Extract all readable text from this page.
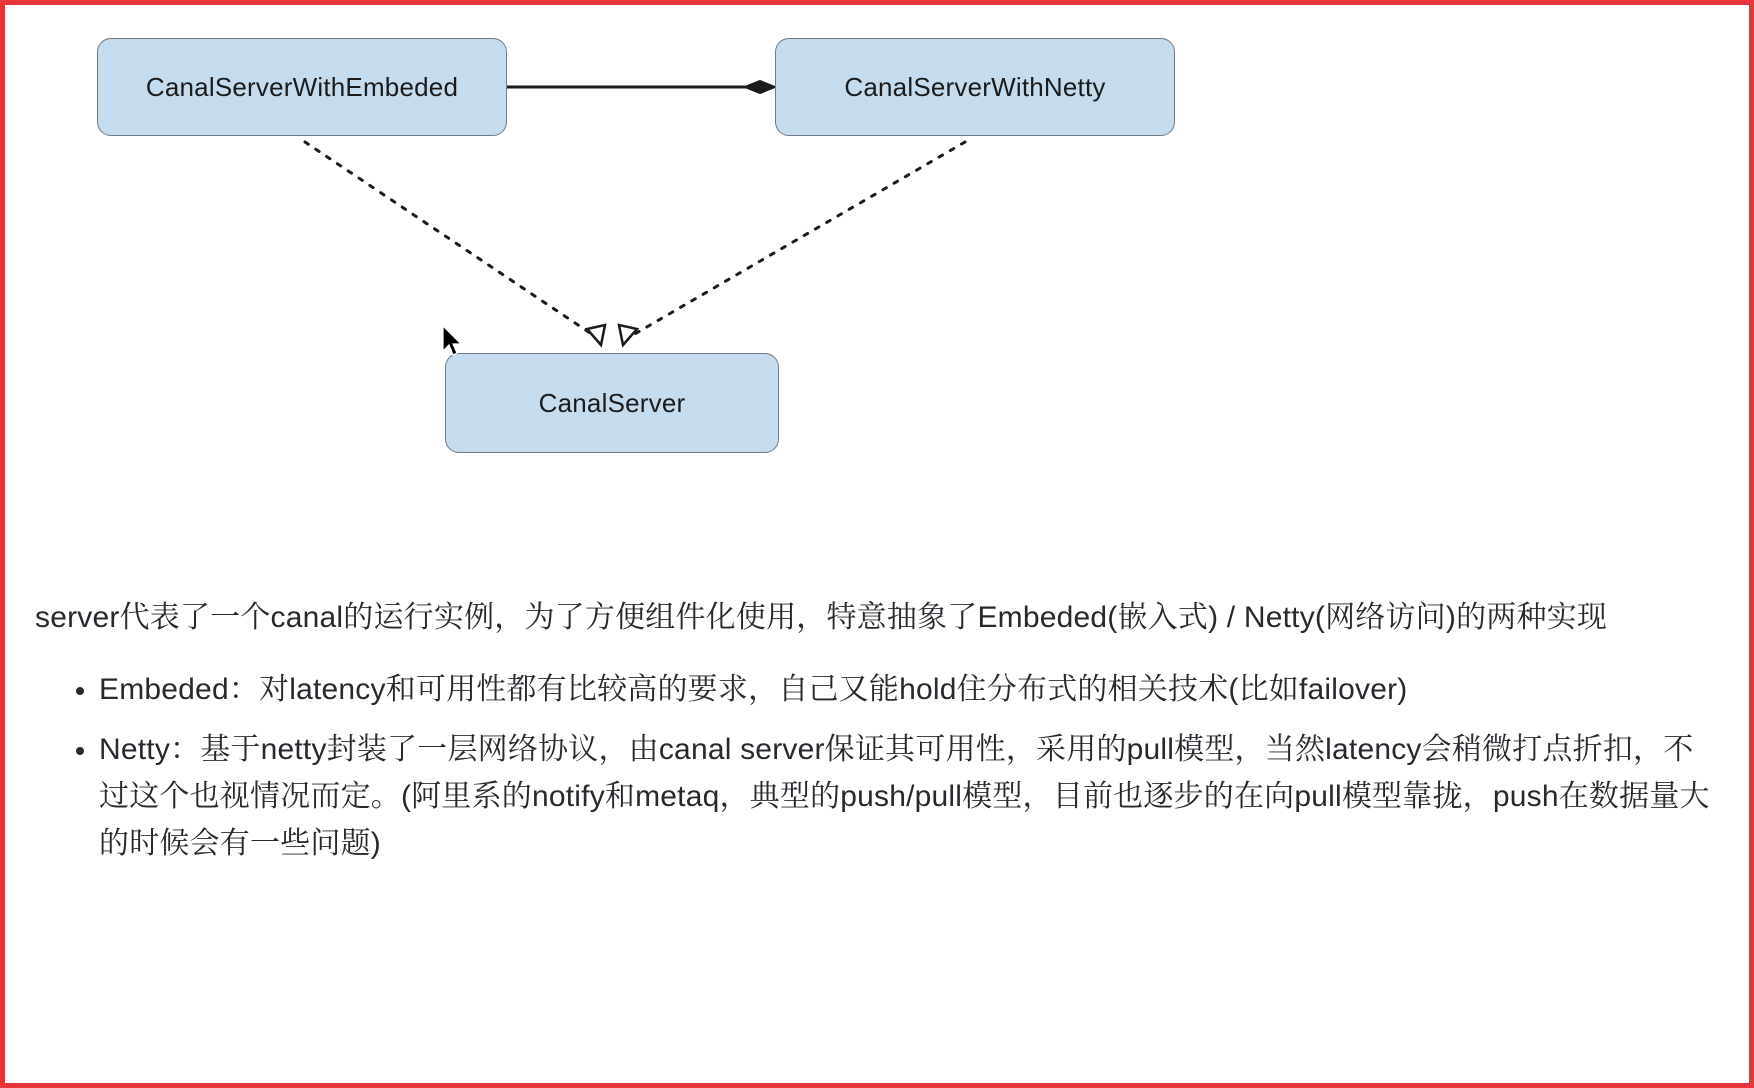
CanalServerWithEmbeded	CanalServerWithNetty
CanalServer

server代表了一个canal的运行实例，为了方便组件化使用，特意抽象了Embeded(嵌入式) / Netty(网络访问)的两种实现

• Embeded：对latency和可用性都有比较高的要求，自己又能hold住分布式的相关技术(比如failover)
• Netty：基于netty封装了一层网络协议，由canal server保证其可用性，采用的pull模型，当然latency会稍微打点折扣，不过这个也视情况而定。(阿里系的notify和metaq，典型的push/pull模型，目前也逐步的在向pull模型靠拢，push在数据量大的时候会有一些问题)
